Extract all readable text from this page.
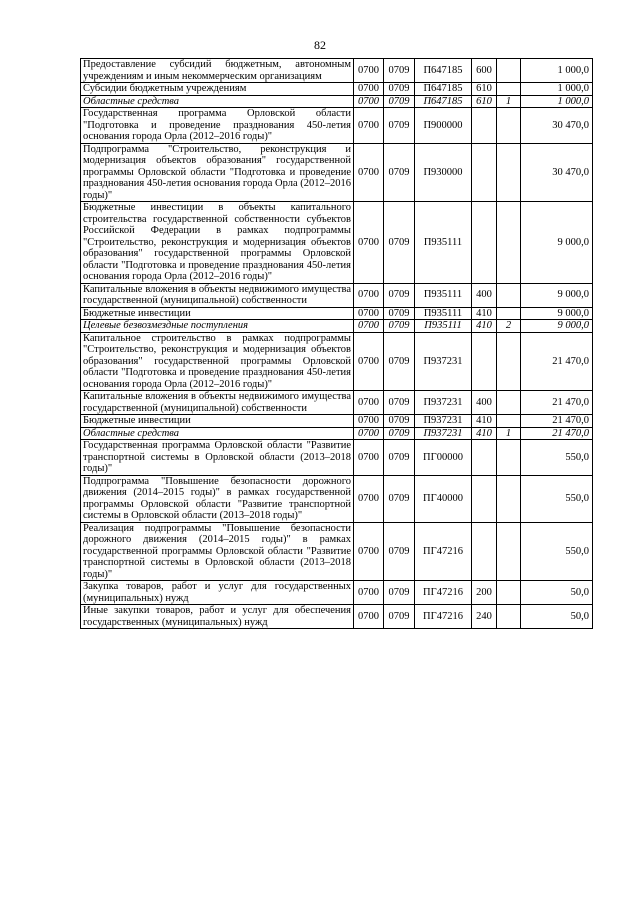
82
Предоставление субсидий бюджетным, автономным учреждениям и иным некоммерческим организациям	0700	0709	П647185	600		1 000,0
Субсидии бюджетным учреждениям	0700	0709	П647185	610		1 000,0
Областные средства	0700	0709	П647185	610	1	1 000,0
Государственная программа Орловской области "Подготовка и проведение празднования 450-летия основания города Орла (2012–2016 годы)"	0700	0709	П900000			30 470,0
Подпрограмма "Строительство, реконструкция и модернизация объектов образования" государственной программы Орловской области "Подготовка и проведение празднования 450-летия основания города Орла (2012–2016 годы)"	0700	0709	П930000			30 470,0
Бюджетные инвестиции в объекты капитального строительства государственной собственности субъектов Российской Федерации в рамках подпрограммы "Строительство, реконструкция и модернизация объектов образования" государственной программы Орловской области "Подготовка и проведение празднования 450-летия основания города Орла (2012–2016 годы)"	0700	0709	П935111			9 000,0
Капитальные вложения в объекты недвижимого имущества государственной (муниципальной) собственности	0700	0709	П935111	400		9 000,0
Бюджетные инвестиции	0700	0709	П935111	410		9 000,0
Целевые безвозмездные поступления	0700	0709	П935111	410	2	9 000,0
Капитальное строительство в рамках подпрограммы "Строительство, реконструкция и модернизация объектов образования" государственной программы Орловской области "Подготовка и проведение празднования 450-летия основания города Орла (2012–2016 годы)"	0700	0709	П937231			21 470,0
Капитальные вложения в объекты недвижимого имущества государственной (муниципальной) собственности	0700	0709	П937231	400		21 470,0
Бюджетные инвестиции	0700	0709	П937231	410		21 470,0
Областные средства	0700	0709	П937231	410	1	21 470,0
Государственная программа Орловской области "Развитие транспортной системы в Орловской области (2013–2018 годы)"	0700	0709	ПГ00000			550,0
Подпрограмма "Повышение безопасности дорожного движения (2014–2015 годы)" в рамках государственной программы Орловской области "Развитие транспортной системы в Орловской области (2013–2018 годы)"	0700	0709	ПГ40000			550,0
Реализация подпрограммы "Повышение безопасности дорожного движения (2014–2015 годы)" в рамках государственной программы Орловской области "Развитие транспортной системы в Орловской области (2013–2018 годы)"	0700	0709	ПГ47216			550,0
Закупка товаров, работ и услуг для государственных (муниципальных) нужд	0700	0709	ПГ47216	200		50,0
Иные закупки товаров, работ и услуг для обеспечения государственных (муниципальных) нужд	0700	0709	ПГ47216	240		50,0
